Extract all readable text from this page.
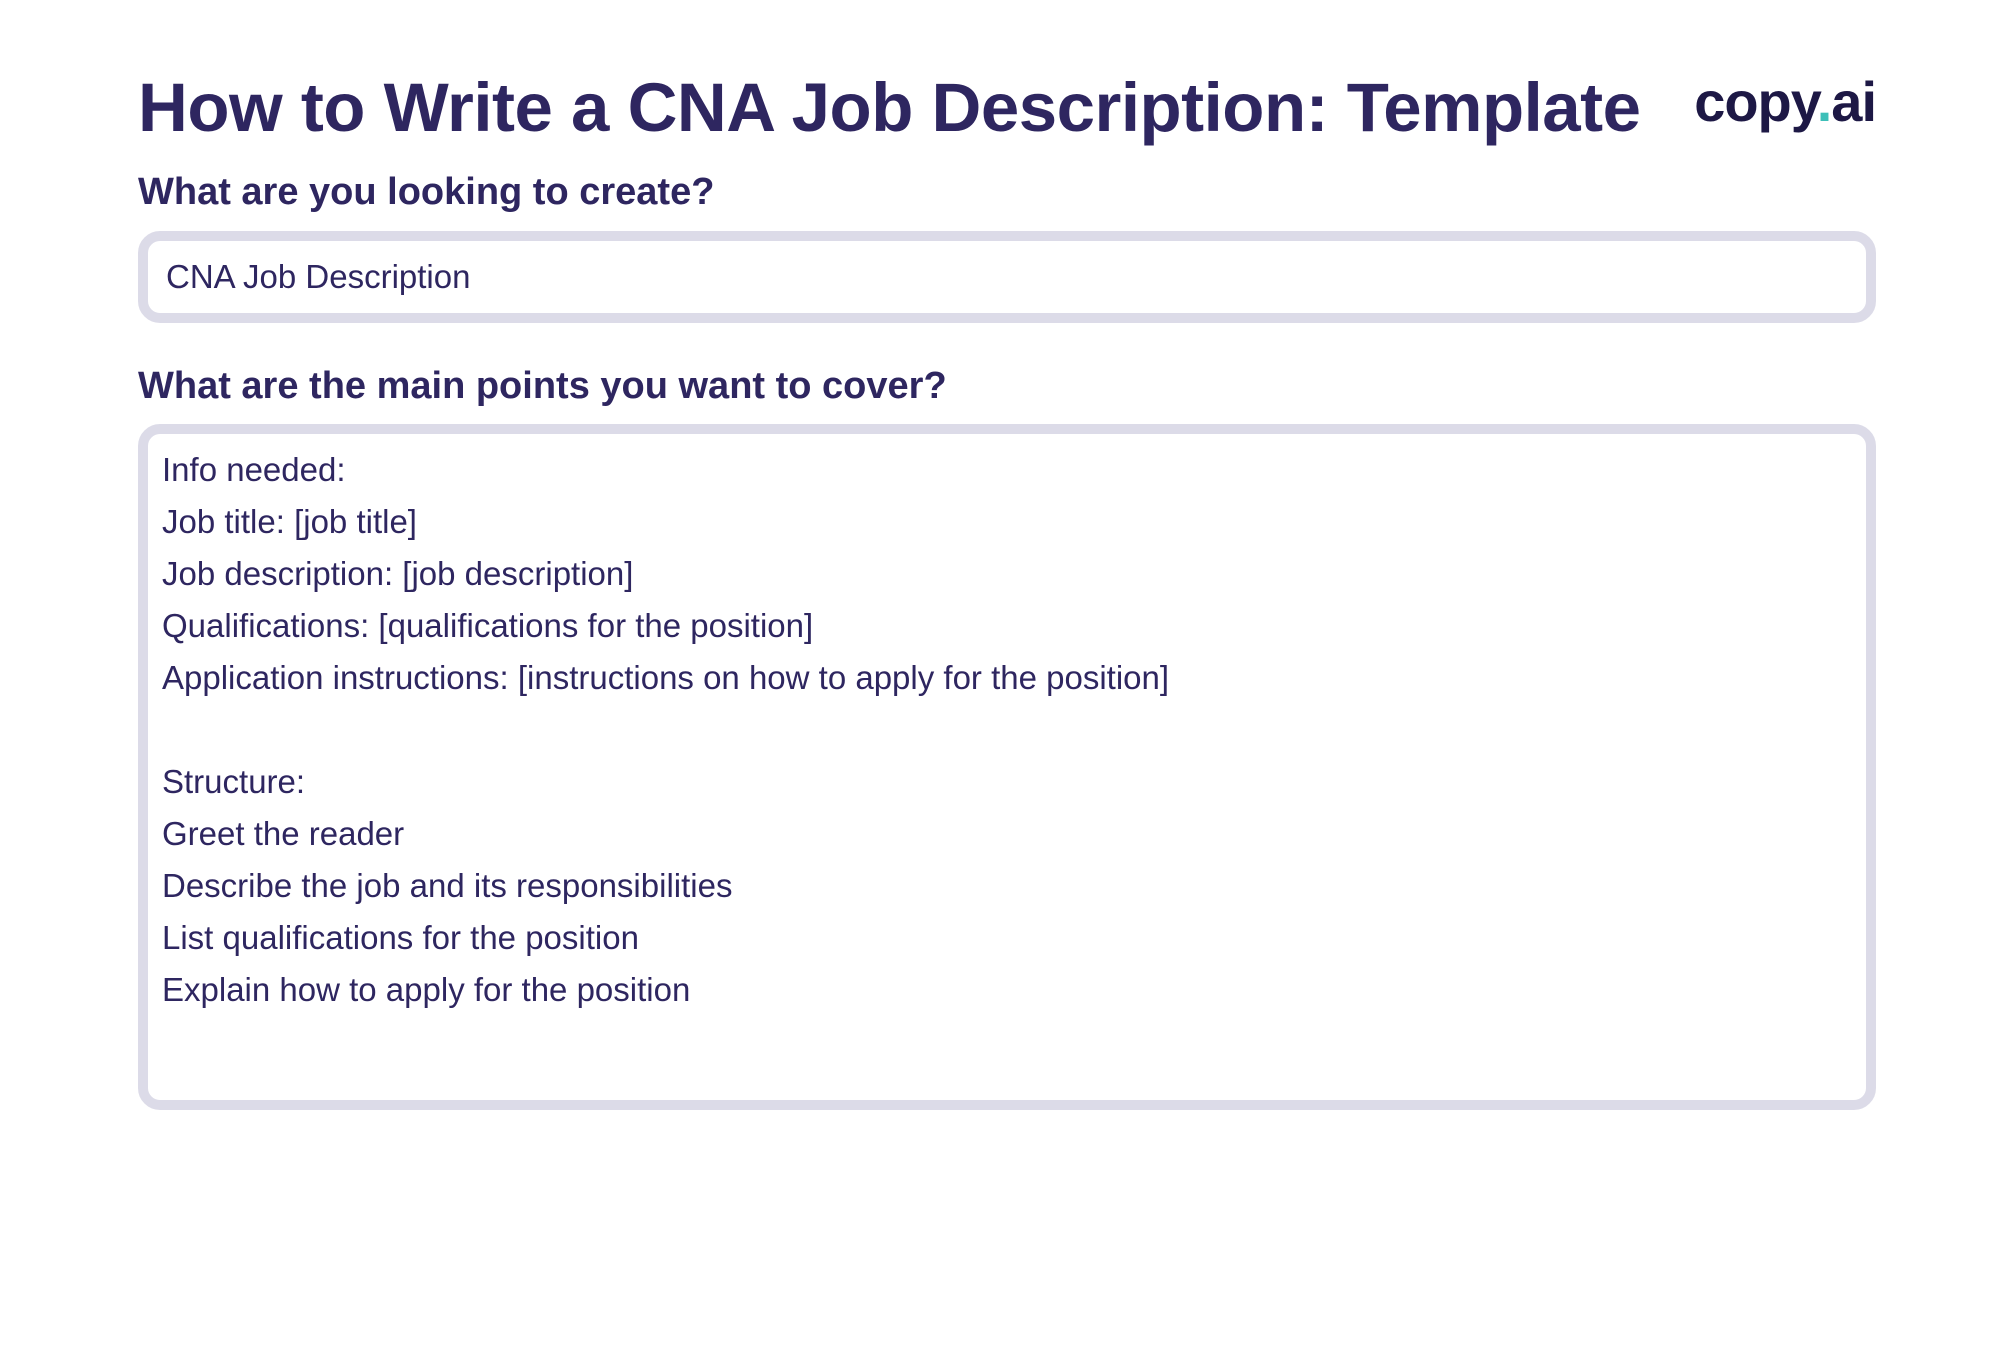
How to Write a CNA Job Description: Template copy.ai
What are you looking to create?
CNA Job Description
What are the main points you want to cover?
Info needed:
Job title: [job title]
Job description: [job description]
Qualifications: [qualifications for the position]
Application instructions: [instructions on how to apply for the position]
Structure:
Greet the reader
Describe the job and its responsibilities
List qualifications for the position
Explain how to apply for the position
